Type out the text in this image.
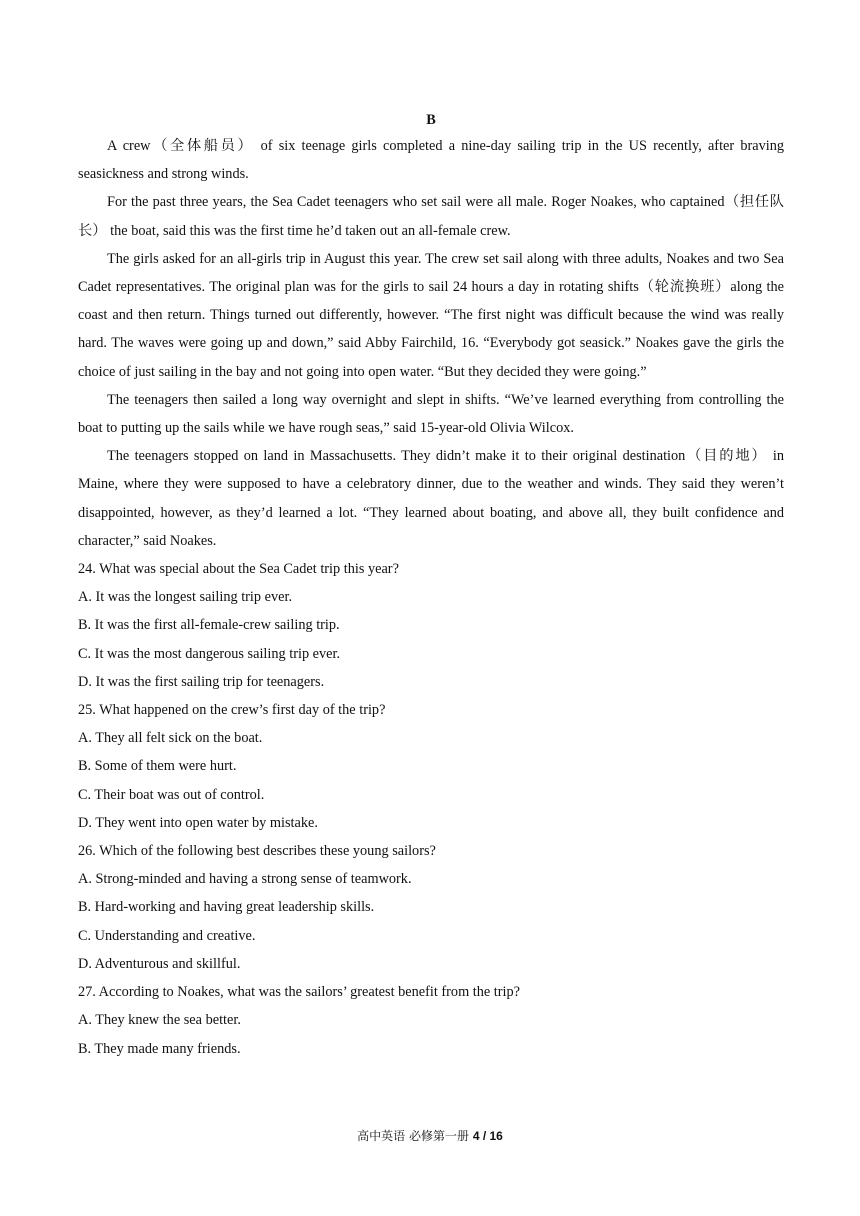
B

A crew（全体船员） of six teenage girls completed a nine-day sailing trip in the US recently, after braving seasickness and strong winds.

For the past three years, the Sea Cadet teenagers who set sail were all male. Roger Noakes, who captained（担任队长） the boat, said this was the first time he’d taken out an all-female crew.

The girls asked for an all-girls trip in August this year. The crew set sail along with three adults, Noakes and two Sea Cadet representatives. The original plan was for the girls to sail 24 hours a day in rotating shifts（轮流换班）along the coast and then return. Things turned out differently, however. “The first night was difficult because the wind was really hard. The waves were going up and down,” said Abby Fairchild, 16. “Everybody got seasick.” Noakes gave the girls the choice of just sailing in the bay and not going into open water. “But they decided they were going.”

The teenagers then sailed a long way overnight and slept in shifts. “We’ve learned everything from controlling the boat to putting up the sails while we have rough seas,” said 15-year-old Olivia Wilcox.

The teenagers stopped on land in Massachusetts. They didn’t make it to their original destination（目的地） in Maine, where they were supposed to have a celebratory dinner, due to the weather and winds. They said they weren’t disappointed, however, as they’d learned a lot. “They learned about boating, and above all, they built confidence and character,” said Noakes.

24. What was special about the Sea Cadet trip this year?

A. It was the longest sailing trip ever.

B. It was the first all-female-crew sailing trip.

C. It was the most dangerous sailing trip ever.

D. It was the first sailing trip for teenagers.

25. What happened on the crew’s first day of the trip?

A. They all felt sick on the boat.

B. Some of them were hurt.

C. Their boat was out of control.

D. They went into open water by mistake.

26. Which of the following best describes these young sailors?

A. Strong-minded and having a strong sense of teamwork.

B. Hard-working and having great leadership skills.

C. Understanding and creative.

D. Adventurous and skillful.

27. According to Noakes, what was the sailors’ greatest benefit from the trip?

A. They knew the sea better.

B. They made many friends.

高中英语 必修第一册 4 / 16
